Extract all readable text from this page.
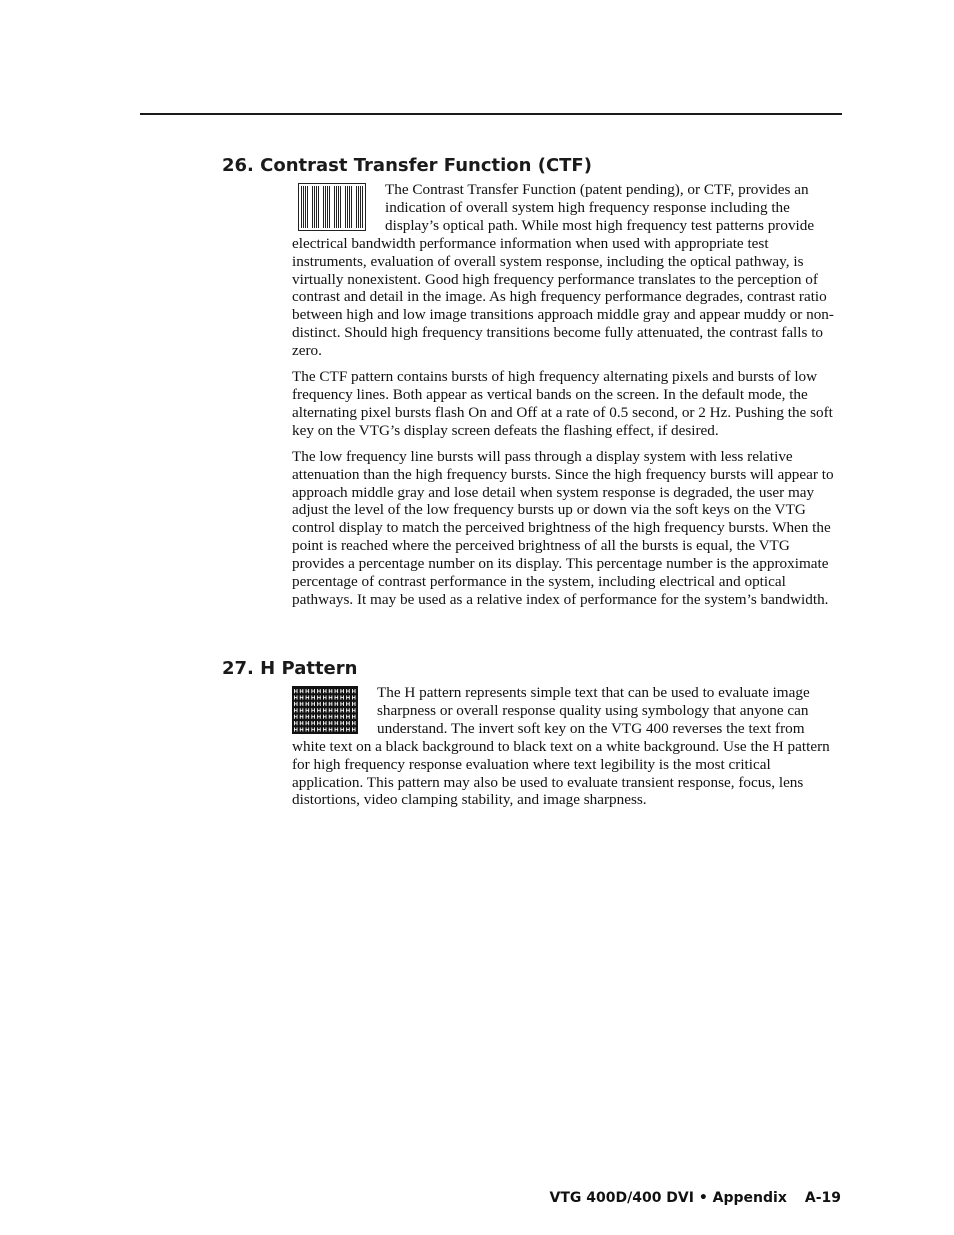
26. Contrast Transfer Function (CTF)

The Contrast Transfer Function (patent pending), or CTF, provides an indication of overall system high frequency response including the display’s optical path. While most high frequency test patterns provide electrical bandwidth performance information when used with appropriate test instruments, evaluation of overall system response, including the optical pathway, is virtually nonexistent. Good high frequency performance translates to the perception of contrast and detail in the image. As high frequency performance degrades, contrast ratio between high and low image transitions approach middle gray and appear muddy or non-distinct. Should high frequency transitions become fully attenuated, the contrast falls to zero.

The CTF pattern contains bursts of high frequency alternating pixels and bursts of low frequency lines. Both appear as vertical bands on the screen. In the default mode, the alternating pixel bursts flash On and Off at a rate of 0.5 second, or 2 Hz. Pushing the soft key on the VTG’s display screen defeats the flashing effect, if desired.

The low frequency line bursts will pass through a display system with less relative attenuation than the high frequency bursts. Since the high frequency bursts will appear to approach middle gray and lose detail when system response is degraded, the user may adjust the level of the low frequency bursts up or down via the soft keys on the VTG control display to match the perceived brightness of the high frequency bursts. When the point is reached where the perceived brightness of all the bursts is equal, the VTG provides a percentage number on its display. This percentage number is the approximate percentage of contrast performance in the system, including electrical and optical pathways. It may be used as a relative index of performance for the system’s bandwidth.

27. H Pattern

The H pattern represents simple text that can be used to evaluate image sharpness or overall response quality using symbology that anyone can understand. The invert soft key on the VTG 400 reverses the text from white text on a black background to black text on a white background. Use the H pattern for high frequency response evaluation where text legibility is the most critical application. This pattern may also be used to evaluate transient response, focus, lens distortions, video clamping stability, and image sharpness.

VTG 400D/400 DVI • Appendix A-19
